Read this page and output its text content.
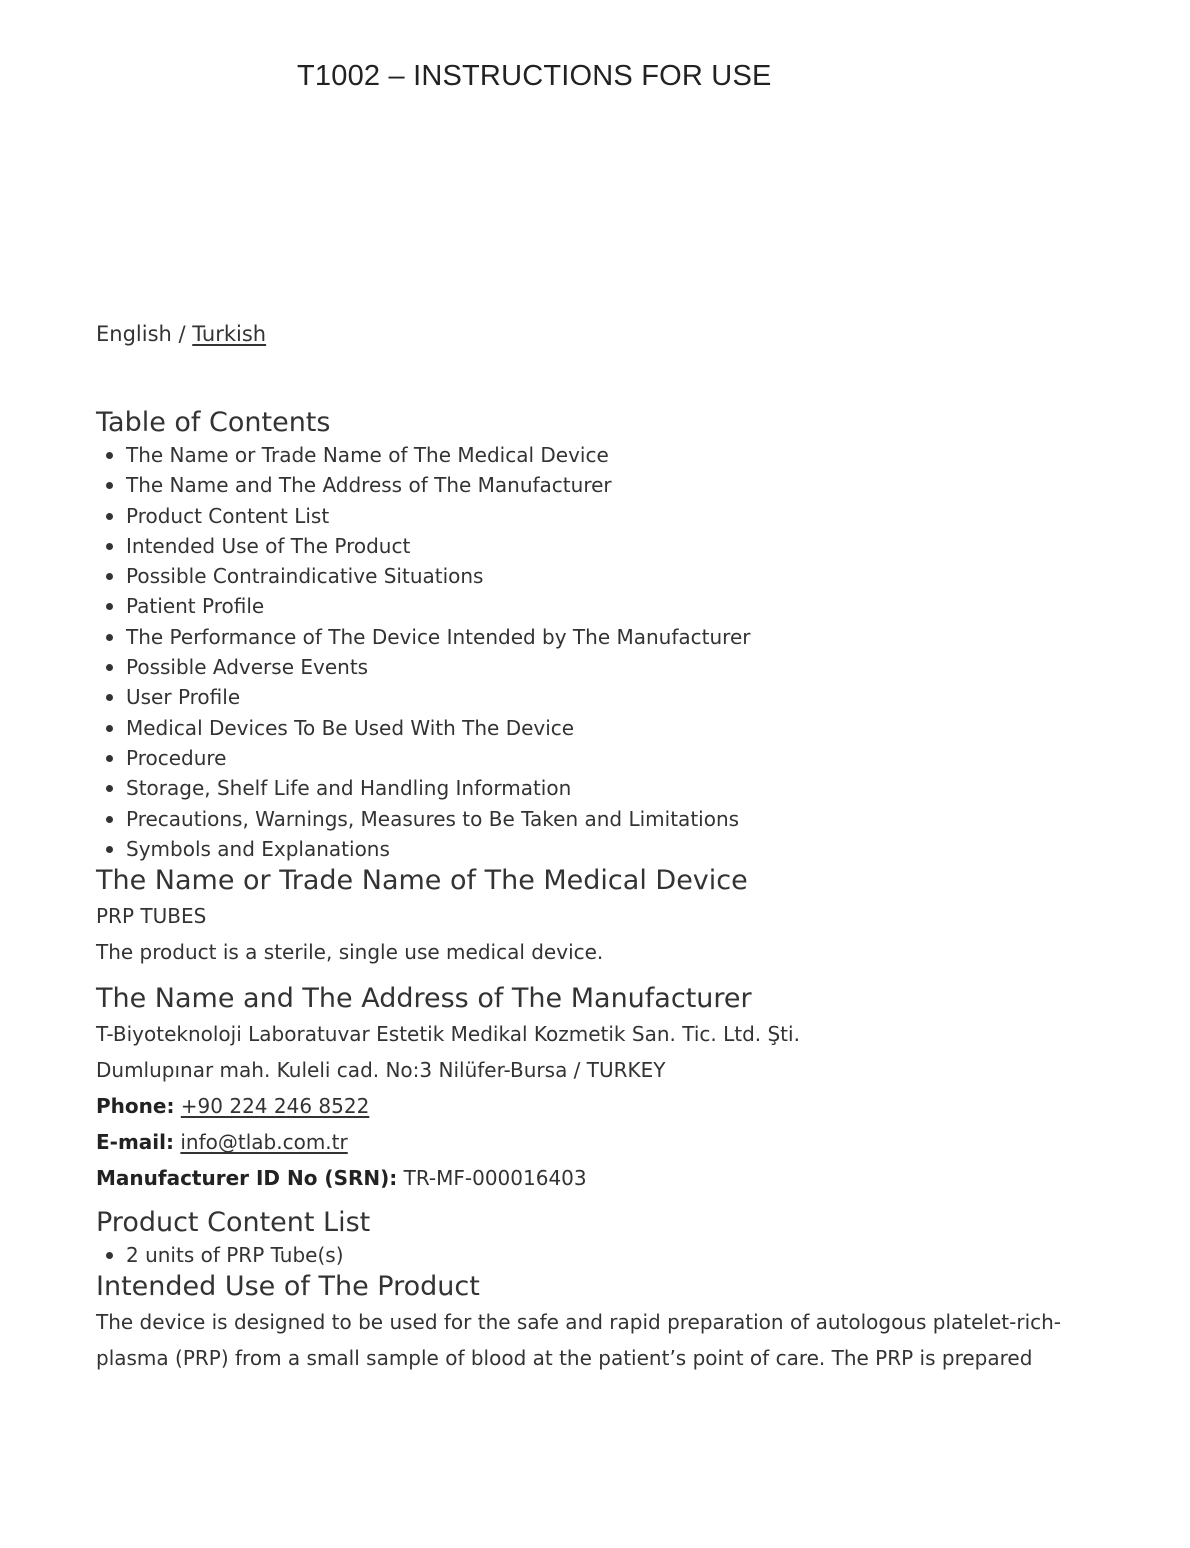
T1002 – INSTRUCTIONS FOR USE

English / Turkish

Table of Contents
The Name or Trade Name of The Medical Device
The Name and The Address of The Manufacturer
Product Content List
Intended Use of The Product
Possible Contraindicative Situations
Patient Profile
The Performance of The Device Intended by The Manufacturer
Possible Adverse Events
User Profile
Medical Devices To Be Used With The Device
Procedure
Storage, Shelf Life and Handling Information
Precautions, Warnings, Measures to Be Taken and Limitations
Symbols and Explanations
The Name or Trade Name of The Medical Device

PRP TUBES

The product is a sterile, single use medical device.

The Name and The Address of The Manufacturer

T-Biyoteknoloji Laboratuvar Estetik Medikal Kozmetik San. Tic. Ltd. Şti.

Dumlupınar mah. Kuleli cad. No:3 Nilüfer-Bursa / TURKEY

Phone: +90 224 246 8522

E-mail: info@tlab.com.tr

Manufacturer ID No (SRN): TR-MF-000016403

Product Content List
2 units of PRP Tube(s)
Intended Use of The Product

The device is designed to be used for the safe and rapid preparation of autologous platelet-rich-plasma (PRP) from a small sample of blood at the patient’s point of care. The PRP is prepared
